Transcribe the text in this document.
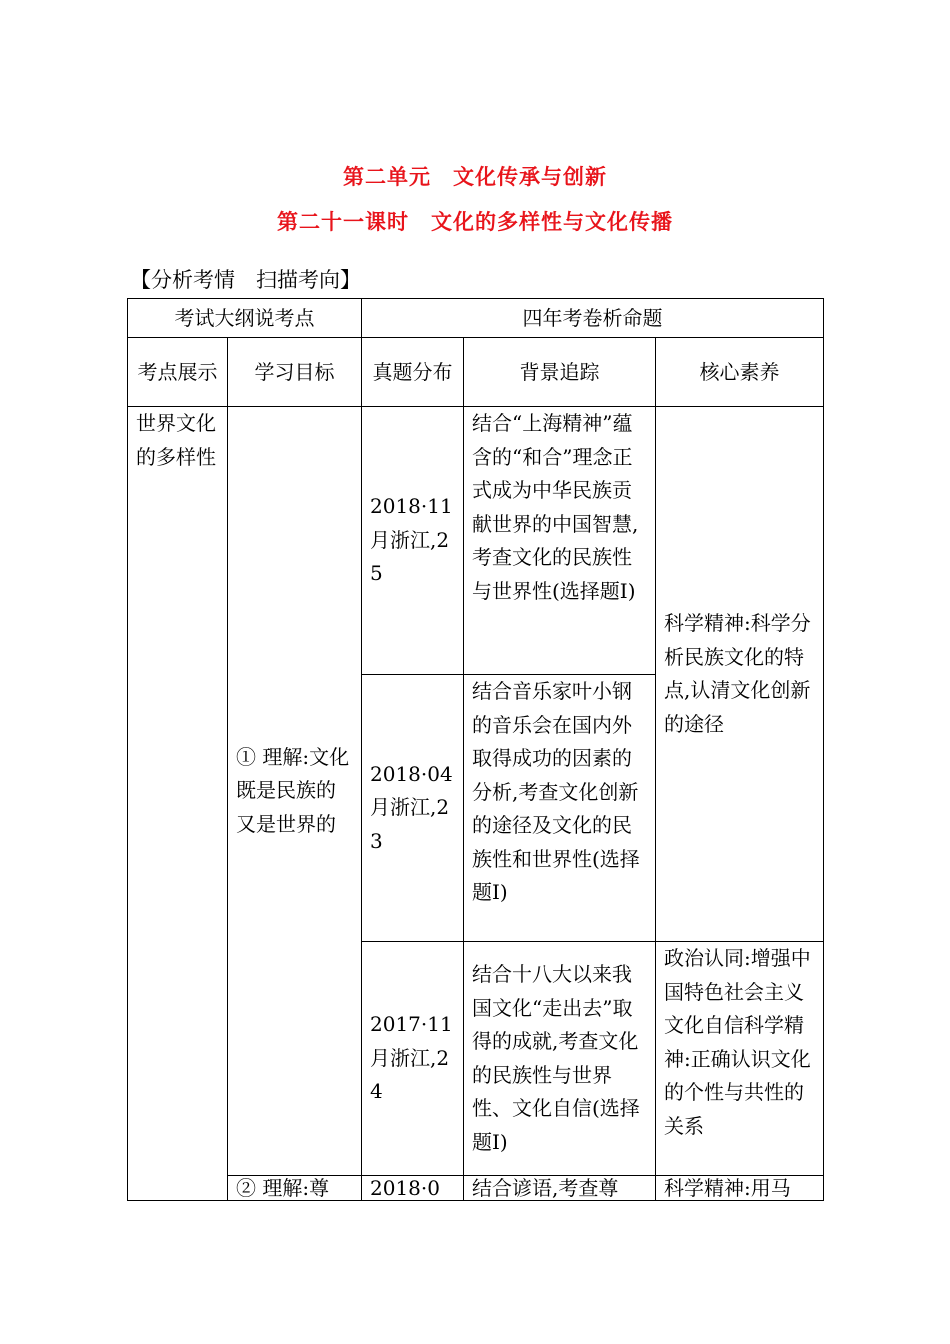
第二单元　文化传承与创新
第二十一课时　文化的多样性与文化传播
【分析考情　扫描考向】
考试大纲说考点		四年考卷析命题		
考点展示	学习目标	真题分布	背景追踪	核心素养
世界文化的多样性	① 理解:文化既是民族的又是世界的	2018·11月浙江,25	结合“上海精神”蕴含的“和合”理念正式成为中华民族贡献世界的中国智慧,考查文化的民族性与世界性(选择题Ⅰ)	科学精神:科学分析民族文化的特点,认清文化创新的途径
		2018·04月浙江,23	结合音乐家叶小钢的音乐会在国内外取得成功的因素的分析,考查文化创新的途径及文化的民族性和世界性(选择题Ⅰ)	
		2017·11月浙江,24	结合十八大以来我国文化“走出去”取得的成就,考查文化的民族性与世界性、文化自信(选择题Ⅰ)	政治认同:增强中国特色社会主义文化自信科学精神:正确认识文化的个性与共性的关系
	② 理解:尊	2018·0	结合谚语,考查尊	科学精神:用马
